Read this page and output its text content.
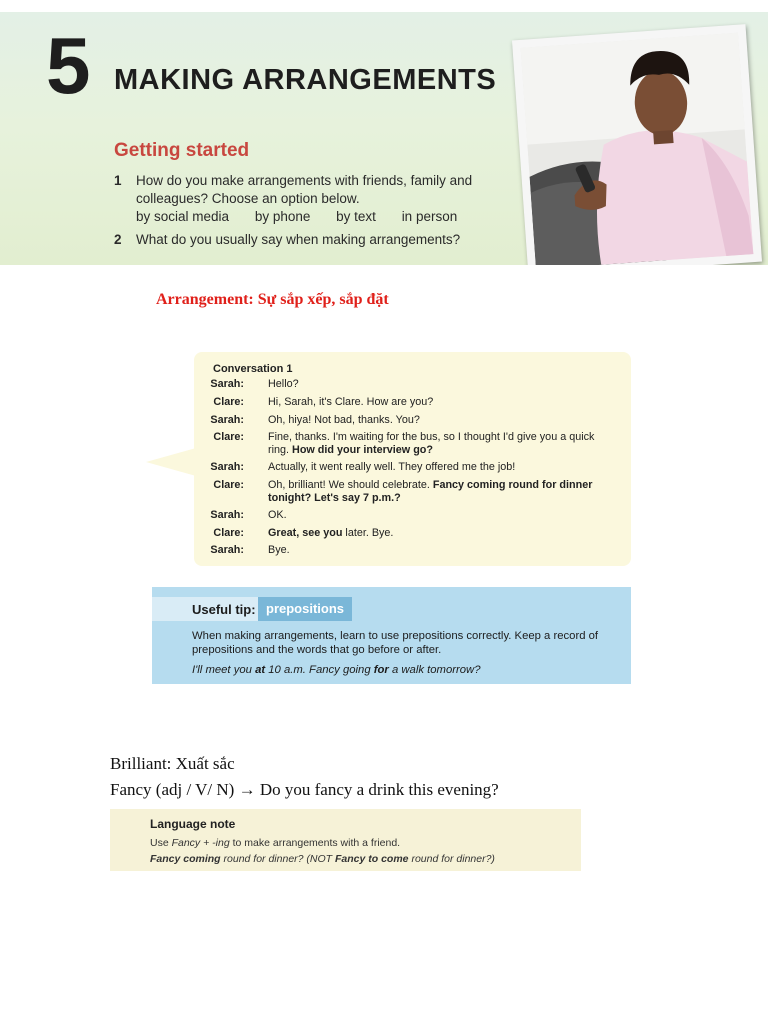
5 MAKING ARRANGEMENTS
Getting started
1	How do you make arrangements with friends, family and colleagues? Choose an option below.
by social media by phone by text in person
2	What do you usually say when making arrangements?
Arrangement: Sự sắp xếp, sắp đặt
Conversation 1
Sarah: Hello?
Clare: Hi, Sarah, it's Clare. How are you?
Sarah: Oh, hiya! Not bad, thanks. You?
Clare: Fine, thanks. I'm waiting for the bus, so I thought I'd give you a quick ring. How did your interview go?
Sarah: Actually, it went really well. They offered me the job!
Clare: Oh, brilliant! We should celebrate. Fancy coming round for dinner tonight? Let's say 7 p.m.?
Sarah: OK.
Clare: Great, see you later. Bye.
Sarah: Bye.
Useful tip: prepositions
When making arrangements, learn to use prepositions correctly. Keep a record of prepositions and the words that go before or after.
I'll meet you at 10 a.m. Fancy going for a walk tomorrow?
Brilliant: Xuất sắc
Fancy (adj / V/ N) → Do you fancy a drink this evening?
Language note
Use Fancy + -ing to make arrangements with a friend.
Fancy coming round for dinner? (NOT Fancy to come round for dinner?)
